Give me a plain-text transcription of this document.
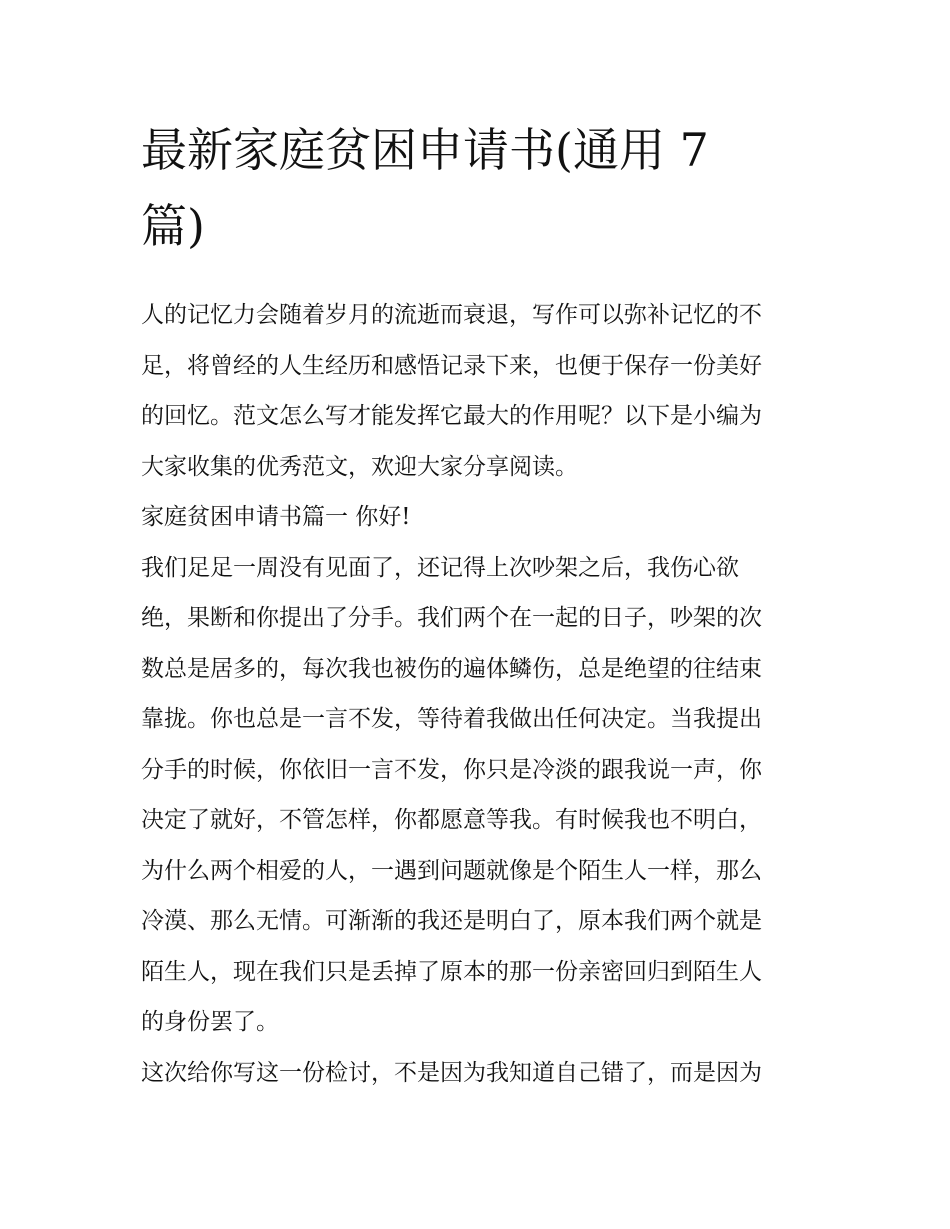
最新家庭贫困申请书(通用 7
篇)

人的记忆力会随着岁月的流逝而衰退，写作可以弥补记忆的不
足，将曾经的人生经历和感悟记录下来，也便于保存一份美好
的回忆。范文怎么写才能发挥它最大的作用呢？以下是小编为
大家收集的优秀范文，欢迎大家分享阅读。

家庭贫困申请书篇一 你好!

我们足足一周没有见面了，还记得上次吵架之后，我伤心欲
绝，果断和你提出了分手。我们两个在一起的日子，吵架的次
数总是居多的，每次我也被伤的遍体鳞伤，总是绝望的往结束
靠拢。你也总是一言不发，等待着我做出任何决定。当我提出
分手的时候，你依旧一言不发，你只是冷淡的跟我说一声，你
决定了就好，不管怎样，你都愿意等我。有时候我也不明白，
为什么两个相爱的人，一遇到问题就像是个陌生人一样，那么
冷漠、那么无情。可渐渐的我还是明白了，原本我们两个就是
陌生人，现在我们只是丢掉了原本的那一份亲密回归到陌生人
的身份罢了。

这次给你写这一份检讨，不是因为我知道自己错了，而是因为
